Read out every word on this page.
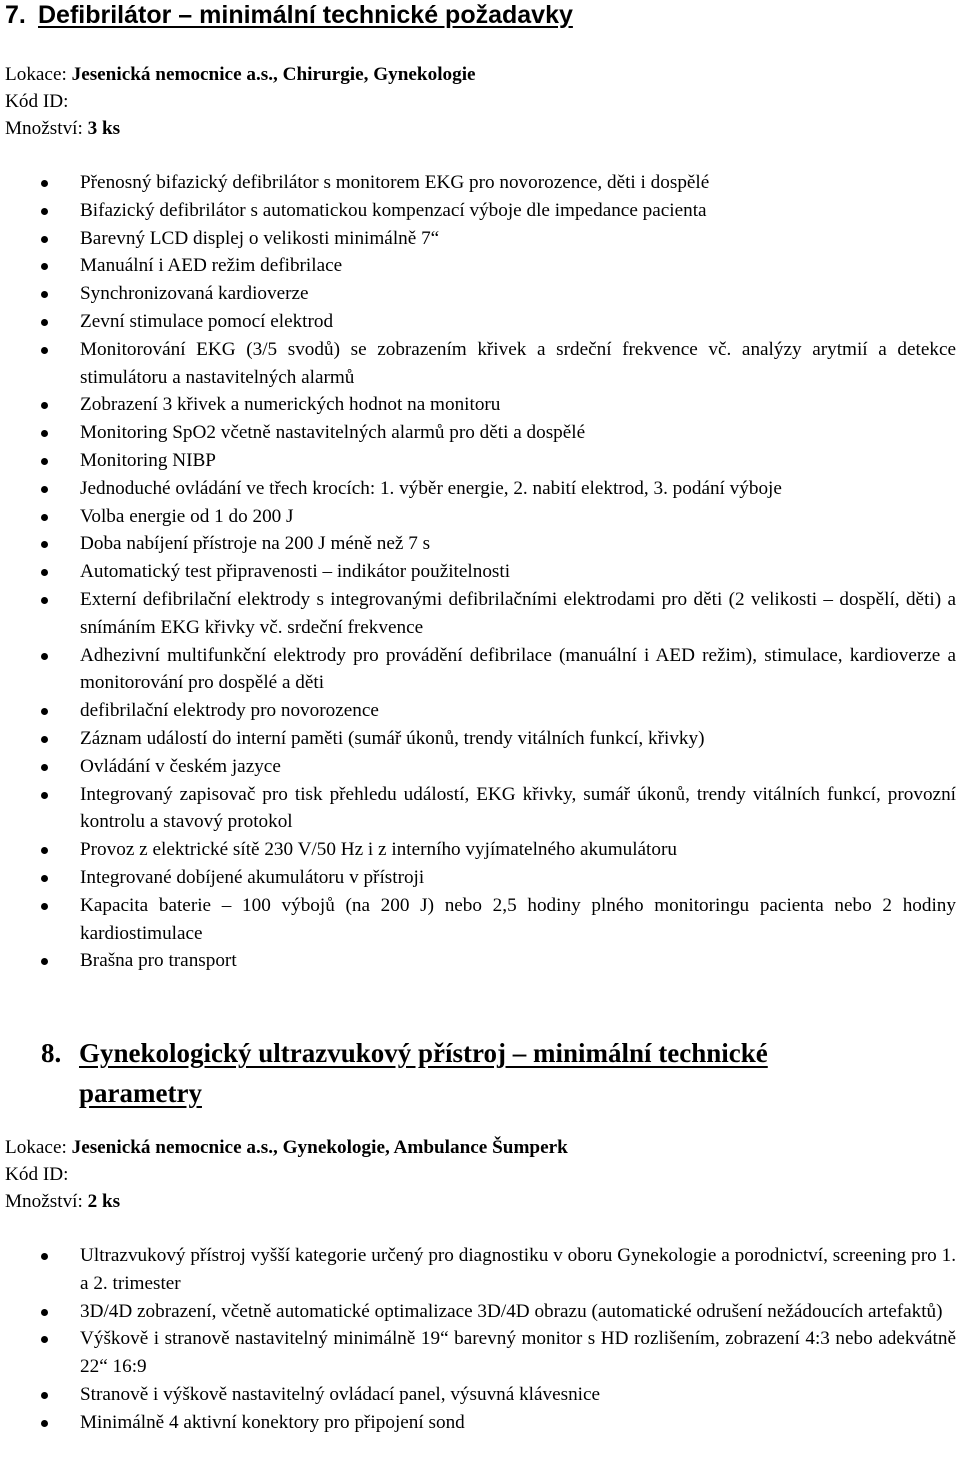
7. Defibrilátor – minimální technické požadavky
Lokace: Jesenická nemocnice a.s., Chirurgie, Gynekologie
Kód ID:
Množství: 3 ks
Přenosný bifazický defibrilátor s monitorem EKG pro novorozence, děti i dospělé
Bifazický defibrilátor s automatickou kompenzací výboje dle impedance pacienta
Barevný LCD displej o velikosti minimálně 7“
Manuální i AED režim defibrilace
Synchronizovaná kardioverze
Zevní stimulace pomocí elektrod
Monitorování EKG (3/5 svodů) se zobrazením křivek a srdeční frekvence vč. analýzy arytmií a detekce stimulátoru a nastavitelných alarmů
Zobrazení 3 křivek a numerických hodnot na monitoru
Monitoring SpO2 včetně nastavitelných alarmů pro děti a dospělé
Monitoring NIBP
Jednoduché ovládání ve třech krocích: 1. výběr energie, 2. nabití elektrod, 3. podání výboje
Volba energie od 1 do 200 J
Doba nabíjení přístroje na 200 J méně než 7 s
Automatický test připravenosti – indikátor použitelnosti
Externí defibrilační elektrody s integrovanými defibrilačními elektrodami pro děti (2 velikosti – dospělí, děti) a snímáním EKG křivky vč. srdeční frekvence
Adhezivní multifunkční elektrody pro provádění defibrilace (manuální i AED režim), stimulace, kardioverze a monitorování pro dospělé a děti
defibrilační elektrody pro novorozence
Záznam událostí do interní paměti (sumář úkonů, trendy vitálních funkcí, křivky)
Ovládání v českém jazyce
Integrovaný zapisovač pro tisk přehledu událostí, EKG křivky, sumář úkonů, trendy vitálních funkcí, provozní kontrolu a stavový protokol
Provoz z elektrické sítě 230 V/50 Hz i z interního vyjímatelného akumulátoru
Integrované dobíjené akumulátoru v přístroji
Kapacita baterie – 100 výbojů (na 200 J) nebo 2,5 hodiny plného monitoringu pacienta nebo 2 hodiny kardiostimulace
Brašna pro transport
8. Gynekologický ultrazvukový přístroj – minimální technické parametry
Lokace: Jesenická nemocnice a.s., Gynekologie, Ambulance Šumperk
Kód ID:
Množství: 2 ks
Ultrazvukový přístroj vyšší kategorie určený pro diagnostiku v oboru Gynekologie a porodnictví, screening pro 1. a 2. trimester
3D/4D zobrazení, včetně automatické optimalizace 3D/4D obrazu (automatické odrušení nežádoucích artefaktů)
Výškově i stranově nastavitelný minimálně 19“ barevný monitor s HD rozlišením, zobrazení 4:3 nebo adekvátně 22“ 16:9
Stranově i výškově nastavitelný ovládací panel, výsuvná klávesnice
Minimálně 4 aktivní konektory pro připojení sond
